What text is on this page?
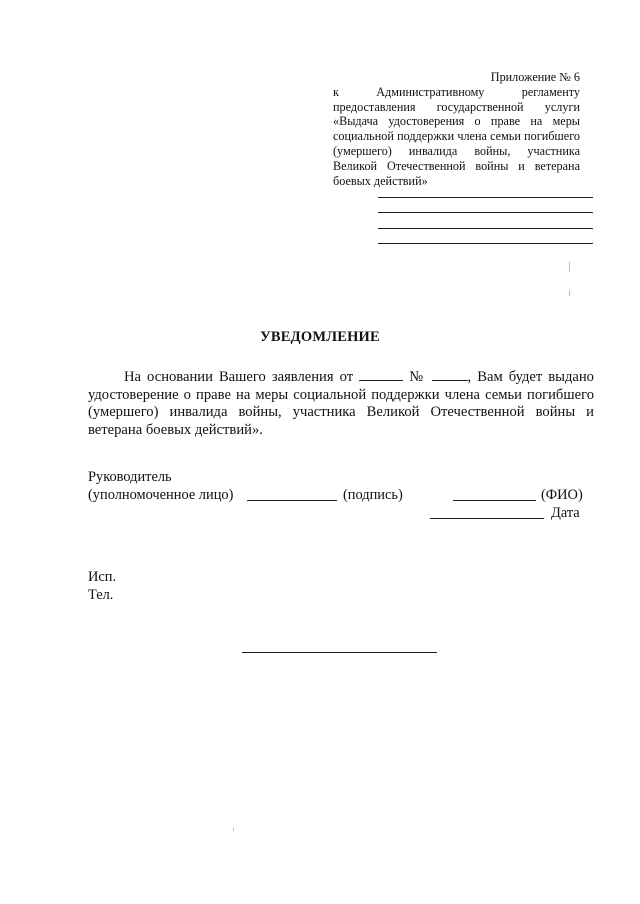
Приложение № 6
к Административному регламенту предоставления государственной услуги «Выдача удостоверения о праве на меры социальной поддержки члена семьи погибшего (умершего) инвалида войны, участника Великой Отечественной войны и ветерана боевых действий»
УВЕДОМЛЕНИЕ
На основании Вашего заявления от	№	, Вам будет выдано удостоверение о праве на меры социальной поддержки члена семьи погибшего (умершего) инвалида войны, участника Великой Отечественной войны и ветерана боевых действий».
Руководитель
(уполномоченное лицо)	(подпись)	(ФИО)
Дата
Исп.
Тел.
